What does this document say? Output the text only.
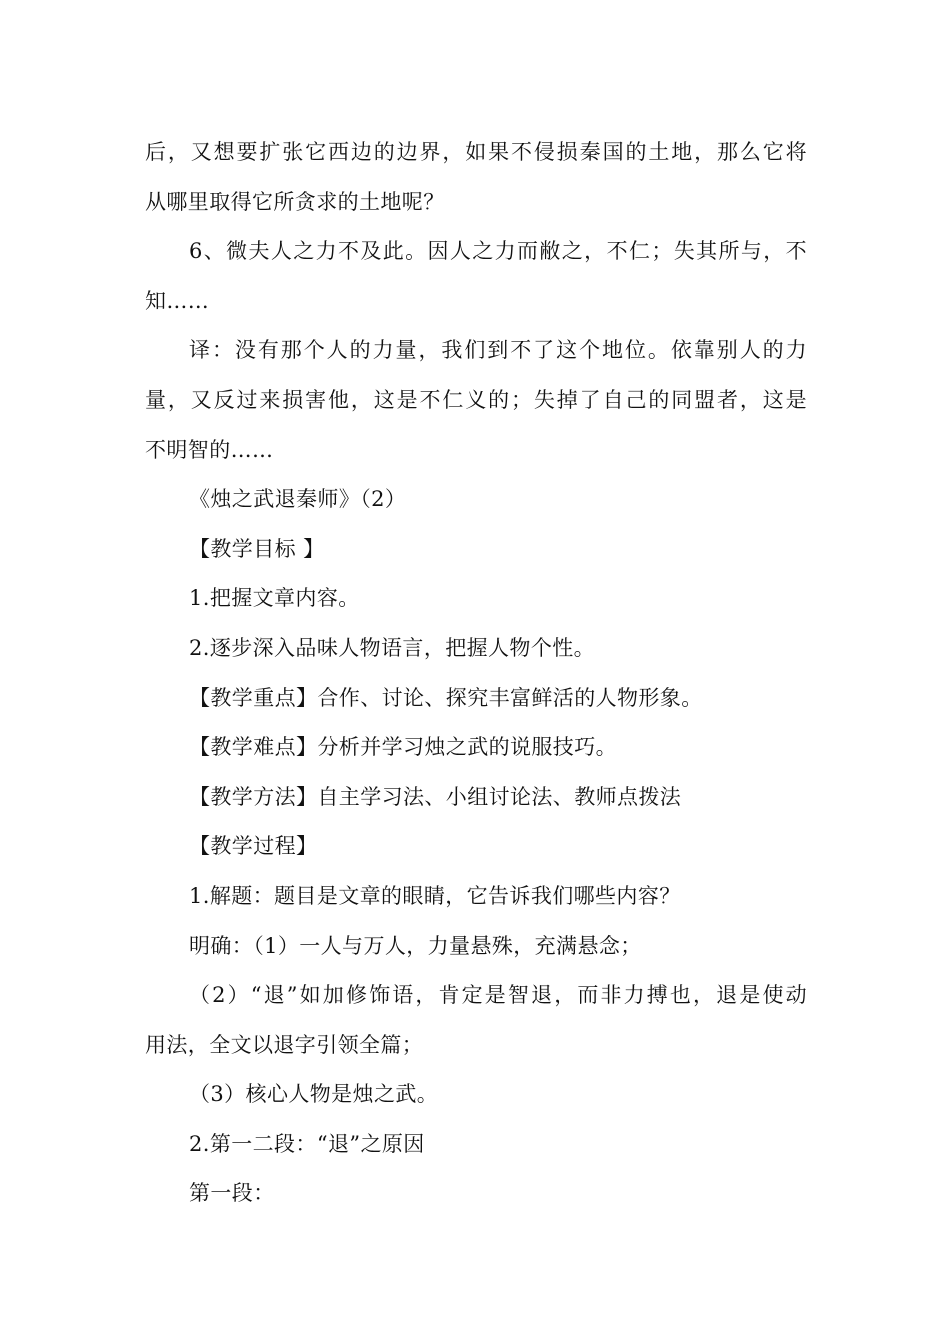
后，又想要扩张它西边的边界，如果不侵损秦国的土地，那么它将
从哪里取得它所贪求的土地呢？
6、微夫人之力不及此。因人之力而敝之，不仁；失其所与，不
知……
译：没有那个人的力量，我们到不了这个地位。依靠别人的力
量，又反过来损害他，这是不仁义的；失掉了自己的同盟者，这是
不明智的……
《烛之武退秦师》（2）
【教学目标 】
1.把握文章内容。
2.逐步深入品味人物语言，把握人物个性。
【教学重点】合作、讨论、探究丰富鲜活的人物形象。
【教学难点】分析并学习烛之武的说服技巧。
【教学方法】自主学习法、小组讨论法、教师点拨法
【教学过程】
1.解题：题目是文章的眼睛，它告诉我们哪些内容？
明确：（1）一人与万人，力量悬殊，充满悬念；
（2）“退”如加修饰语，肯定是智退，而非力搏也，退是使动
用法，全文以退字引领全篇；
（3）核心人物是烛之武。
2.第一二段：“退”之原因
第一段：
